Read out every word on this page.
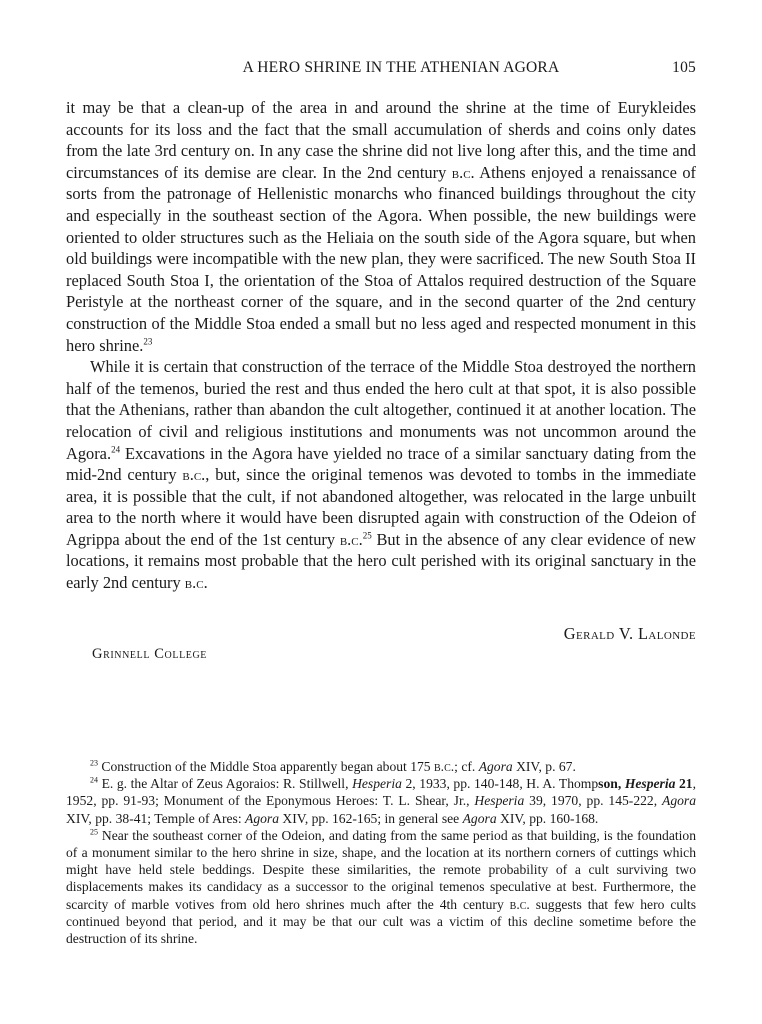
A HERO SHRINE IN THE ATHENIAN AGORA	105

it may be that a clean-up of the area in and around the shrine at the time of Eurykleides accounts for its loss and the fact that the small accumulation of sherds and coins only dates from the late 3rd century on. In any case the shrine did not live long after this, and the time and circumstances of its demise are clear. In the 2nd century b.c. Athens enjoyed a renaissance of sorts from the patronage of Hellenistic monarchs who financed buildings throughout the city and especially in the southeast section of the Agora. When possible, the new buildings were oriented to older structures such as the Heliaia on the south side of the Agora square, but when old buildings were incompatible with the new plan, they were sacrificed. The new South Stoa II replaced South Stoa I, the orientation of the Stoa of Attalos required destruction of the Square Peristyle at the northeast corner of the square, and in the second quarter of the 2nd century construction of the Middle Stoa ended a small but no less aged and respected monument in this hero shrine.$^{23}$

While it is certain that construction of the terrace of the Middle Stoa destroyed the northern half of the temenos, buried the rest and thus ended the hero cult at that spot, it is also possible that the Athenians, rather than abandon the cult altogether, continued it at another location. The relocation of civil and religious institutions and monuments was not uncommon around the Agora.$^{24}$ Excavations in the Agora have yielded no trace of a similar sanctuary dating from the mid-2nd century b.c., but, since the original temenos was devoted to tombs in the immediate area, it is possible that the cult, if not abandoned altogether, was relocated in the large unbuilt area to the north where it would have been disrupted again with construction of the Odeion of Agrippa about the end of the 1st century b.c.$^{25}$ But in the absence of any clear evidence of new locations, it remains most probable that the hero cult perished with its original sanctuary in the early 2nd century b.c.

Gerald V. Lalonde
Grinnell College

$^{23}$ Construction of the Middle Stoa apparently began about 175 b.c.; cf. Agora XIV, p. 67.

$^{24}$ E. g. the Altar of Zeus Agoraios: R. Stillwell, Hesperia 2, 1933, pp. 140-148, H. A. Thompson, Hesperia 21, 1952, pp. 91-93; Monument of the Eponymous Heroes: T. L. Shear, Jr., Hesperia 39, 1970, pp. 145-222, Agora XIV, pp. 38-41; Temple of Ares: Agora XIV, pp. 162-165; in general see Agora XIV, pp. 160-168.

$^{25}$ Near the southeast corner of the Odeion, and dating from the same period as that building, is the foundation of a monument similar to the hero shrine in size, shape, and the location at its northern corners of cuttings which might have held stele beddings. Despite these similarities, the remote probability of a cult surviving two displacements makes its candidacy as a successor to the original temenos speculative at best. Furthermore, the scarcity of marble votives from old hero shrines much after the 4th century b.c. suggests that few hero cults continued beyond that period, and it may be that our cult was a victim of this decline sometime before the destruction of its shrine.
